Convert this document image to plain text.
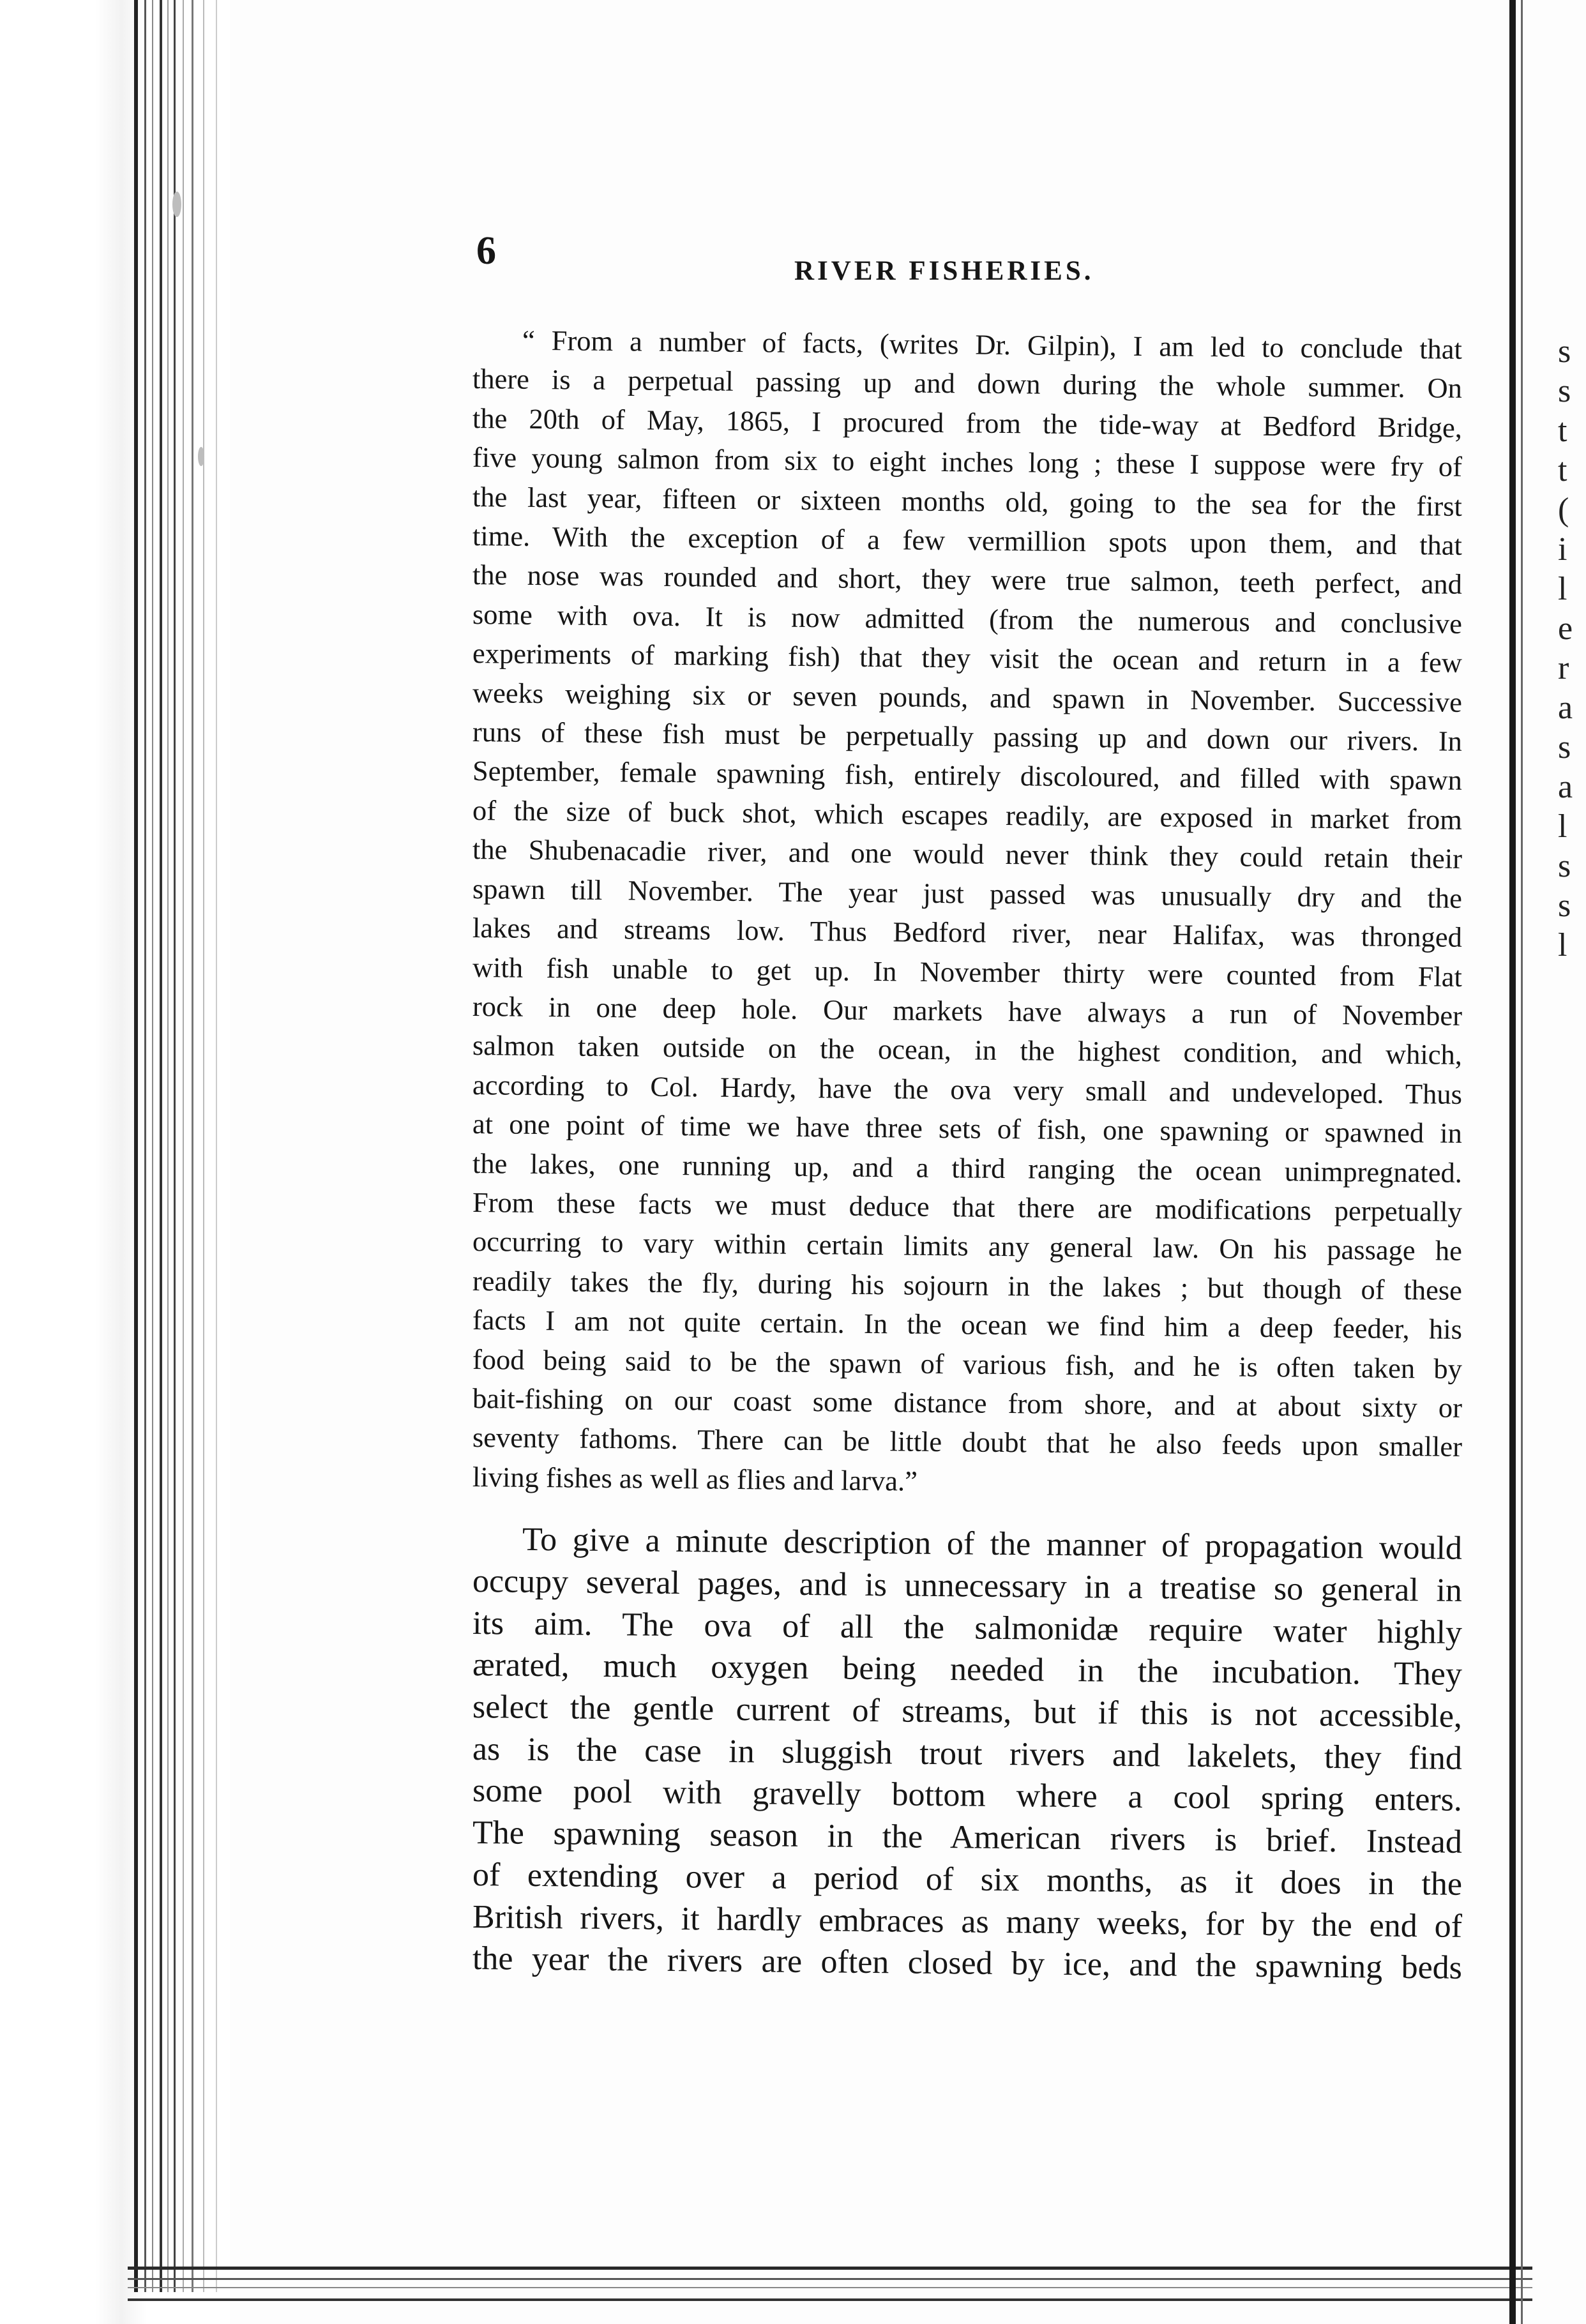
s
s
t
t
(
i
l
e
r
a
s
a
l
s
s
l
6	RIVER FISHERIES.
“ From a number of facts, (writes Dr. Gilpin), I am led to conclude that
there is a perpetual passing up and down during the whole summer. On
the 20th of May, 1865, I procured from the tide-way at Bedford Bridge,
five young salmon from six to eight inches long ; these I suppose were fry of
the last year, fifteen or sixteen months old, going to the sea for the first
time. With the exception of a few vermillion spots upon them, and that
the nose was rounded and short, they were true salmon, teeth perfect, and
some with ova. It is now admitted (from the numerous and conclusive
experiments of marking fish) that they visit the ocean and return in a few
weeks weighing six or seven pounds, and spawn in November. Successive
runs of these fish must be perpetually passing up and down our rivers. In
September, female spawning fish, entirely discoloured, and filled with spawn
of the size of buck shot, which escapes readily, are exposed in market from
the Shubenacadie river, and one would never think they could retain their
spawn till November. The year just passed was unusually dry and the
lakes and streams low. Thus Bedford river, near Halifax, was thronged
with fish unable to get up. In November thirty were counted from Flat
rock in one deep hole. Our markets have always a run of November
salmon taken outside on the ocean, in the highest condition, and which,
according to Col. Hardy, have the ova very small and undeveloped. Thus
at one point of time we have three sets of fish, one spawning or spawned in
the lakes, one running up, and a third ranging the ocean unimpregnated.
From these facts we must deduce that there are modifications perpetually
occurring to vary within certain limits any general law. On his passage he
readily takes the fly, during his sojourn in the lakes ; but though of these
facts I am not quite certain. In the ocean we find him a deep feeder, his
food being said to be the spawn of various fish, and he is often taken by
bait-fishing on our coast some distance from shore, and at about sixty or
seventy fathoms. There can be little doubt that he also feeds upon smaller
living fishes as well as flies and larva.”
To give a minute description of the manner of propagation would
occupy several pages, and is unnecessary in a treatise so general in
its aim. The ova of all the salmonidæ require water highly
ærated, much oxygen being needed in the incubation. They
select the gentle current of streams, but if this is not accessible,
as is the case in sluggish trout rivers and lakelets, they find
some pool with gravelly bottom where a cool spring enters.
The spawning season in the American rivers is brief. Instead
of extending over a period of six months, as it does in the
British rivers, it hardly embraces as many weeks, for by the end of
the year the rivers are often closed by ice, and the spawning beds
